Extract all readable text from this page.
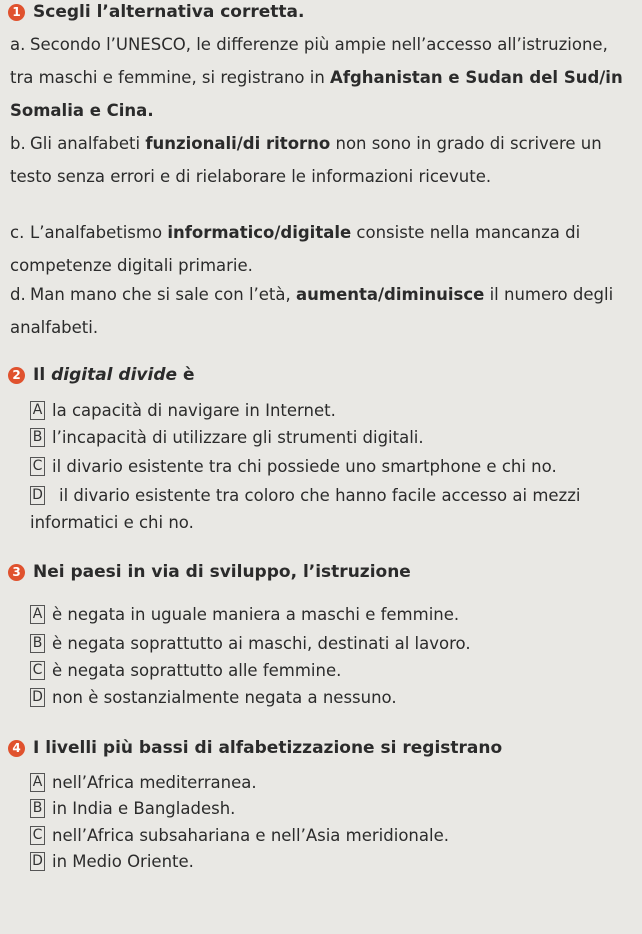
1 Scegli l’alternativa corretta.
a. Secondo l’UNESCO, le differenze più ampie nell’accesso all’istruzione, tra maschi e femmine, si registrano in Afghanistan e Sudan del Sud/in Somalia e Cina.
b. Gli analfabeti funzionali/di ritorno non sono in grado di scrivere un testo senza errori e di rielaborare le informazioni ricevute.
c. L’analfabetismo informatico/digitale consiste nella mancanza di competenze digitali primarie.
d. Man mano che si sale con l’età, aumenta/diminuisce il numero degli analfabeti.
2 Il digital divide è
A la capacità di navigare in Internet.
B l’incapacità di utilizzare gli strumenti digitali.
C il divario esistente tra chi possiede uno smartphone e chi no.
D il divario esistente tra coloro che hanno facile accesso ai mezzi informatici e chi no.
3 Nei paesi in via di sviluppo, l’istruzione
A è negata in uguale maniera a maschi e femmine.
B è negata soprattutto ai maschi, destinati al lavoro.
C è negata soprattutto alle femmine.
D non è sostanzialmente negata a nessuno.
4 I livelli più bassi di alfabetizzazione si registrano
A nell’Africa mediterranea.
B in India e Bangladesh.
C nell’Africa subsahariana e nell’Asia meridionale.
D in Medio Oriente.
